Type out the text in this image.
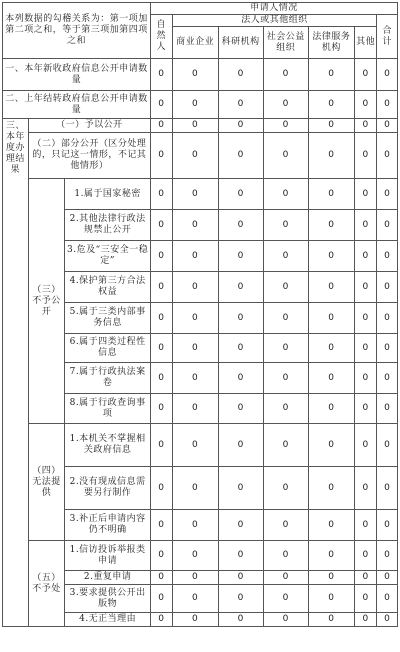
本列数据的勾稽关系为：第一项加第二项之和，等于第三项加第四项之和			申请人情况						
			自然人	法人或其他组织					合计
				商业企业	科研机构	社会公益组织	法律服务机构	其他	
一、本年新收政府信息公开申请数量			0	0	0	0	0	0	0
二、上年结转政府信息公开申请数量			0	0	0	0	0	0	0
三、本年度办理结果	（一）予以公开		0	0	0	0	0	0	0
	（二）部分公开（区分处理的，只记这一情形，不记其他情形）		0	0	0	0	0	0	0
	（三）不予公开	1.属于国家秘密	0	0	0	0	0	0	0
		2.其他法律行政法规禁止公开	0	0	0	0	0	0	0
		3.危及“三安全一稳定”	0	0	0	0	0	0	0
		4.保护第三方合法权益	0	0	0	0	0	0	0
		5.属于三类内部事务信息	0	0	0	0	0	0	0
		6.属于四类过程性信息	0	0	0	0	0	0	0
		7.属于行政执法案卷	0	0	0	0	0	0	0
		8.属于行政查询事项	0	0	0	0	0	0	0
	（四）无法提供	1.本机关不掌握相关政府信息	0	0	0	0	0	0	0
		2.没有现成信息需要另行制作	0	0	0	0	0	0	0
		3.补正后申请内容仍不明确	0	0	0	0	0	0	0
	（五）不予处	1.信访投诉举报类申请	0	0	0	0	0	0	0
		2.重复申请	0	0	0	0	0	0	0
		3.要求提供公开出版物	0	0	0	0	0	0	0
		4.无正当理由	0	0	0	0	0	0	0
